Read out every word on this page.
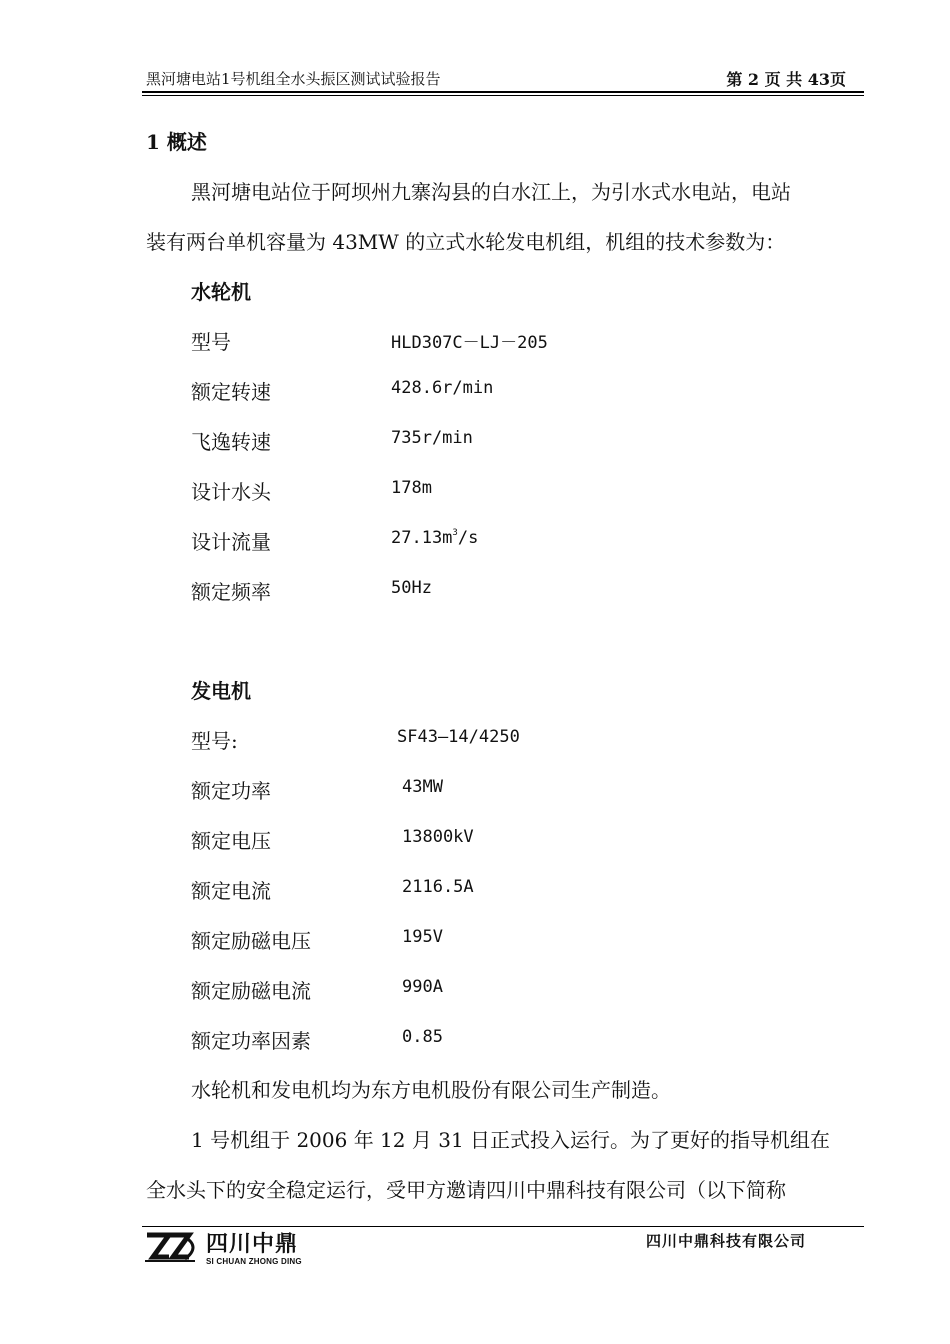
黑河塘电站1号机组全水头振区测试试验报告	第 2 页 共 43页
1 概述
黑河塘电站位于阿坝州九寨沟县的白水江上，为引水式水电站，电站
装有两台单机容量为 43MW 的立式水轮发电机组，机组的技术参数为：
水轮机
型号	HLD307C－LJ－205
额定转速	428.6r/min
飞逸转速	735r/min
设计水头	178m
设计流量	$27.13m^3/s$
额定频率	50Hz
发电机
型号:	SF43—14/4250
额定功率	43MW
额定电压	13800kV
额定电流	2116.5A
额定励磁电压	195V
额定励磁电流	990A
额定功率因素	0.85
水轮机和发电机均为东方电机股份有限公司生产制造。
1 号机组于 2006 年 12 月 31 日正式投入运行。为了更好的指导机组在
全水头下的安全稳定运行，受甲方邀请四川中鼎科技有限公司（以下简称
四川中鼎
SI CHUAN ZHONG DING
四川中鼎科技有限公司
